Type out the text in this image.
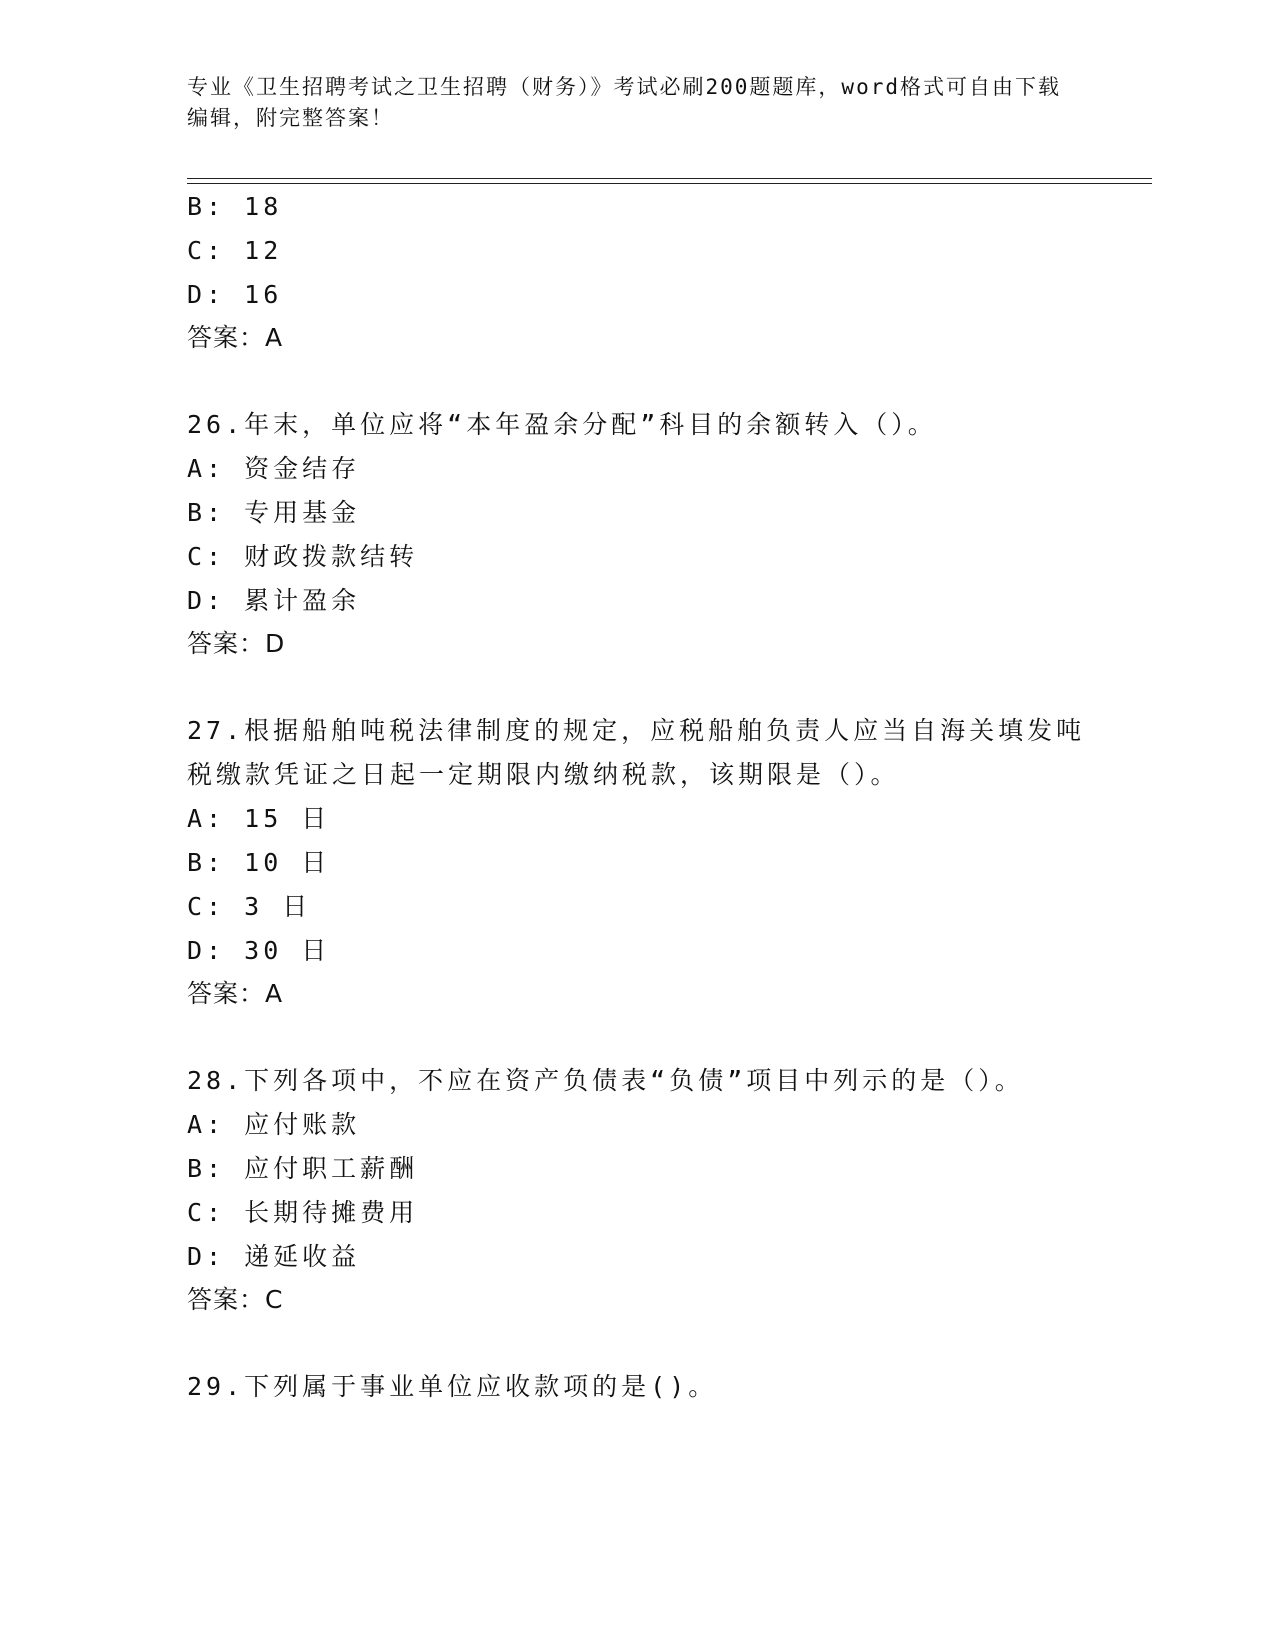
专业《卫生招聘考试之卫生招聘（财务）》考试必刷200题题库，word格式可自由下载编辑，附完整答案！
B: 18
C: 12
D: 16
答案：A
26.年末，单位应将“本年盈余分配”科目的余额转入（）。
A: 资金结存
B: 专用基金
C: 财政拨款结转
D: 累计盈余
答案：D
27.根据船舶吨税法律制度的规定，应税船舶负责人应当自海关填发吨
税缴款凭证之日起一定期限内缴纳税款，该期限是（）。
A: 15 日
B: 10 日
C: 3 日
D: 30 日
答案：A
28.下列各项中，不应在资产负债表“负债”项目中列示的是（）。
A: 应付账款
B: 应付职工薪酬
C: 长期待摊费用
D: 递延收益
答案：C
29.下列属于事业单位应收款项的是()。
